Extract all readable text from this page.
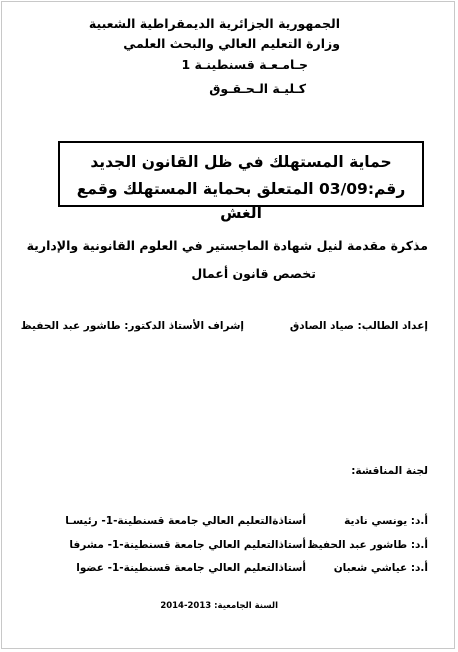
الجمهورية الجزائرية الديمقراطية الشعبية
وزارة التعليم العالي والبحث العلمي
جـامـعـة قسنطينـة 1
كـليـة الـحـقـوق
حماية المستهلك في ظل القانون الجديد
رقم:03/09 المتعلق بحماية المستهلك وقمع الغش
مذكرة مقدمة لنيل شهادة الماجستير في العلوم القانونية والإدارية
تخصص قانون أعمال
إعداد الطالب: صياد الصادق
إشراف الأستاذ الدكتور: طاشور عبد الحفيظ
لجنة المناقشة:
أ.د: يونسي نادية
أستاذةالتعليم العالي جامعة قسنطينة-1- رئيسـا
أ.د: طاشور عبد الحفيظ
أستاذالتعليم العالي جامعة قسنطينة-1- مشرفا
أ.د: عياشي شعبان
أستاذالتعليم العالي جامعة قسنطينة-1- عضوا
السنة الجامعية: 2013-2014
